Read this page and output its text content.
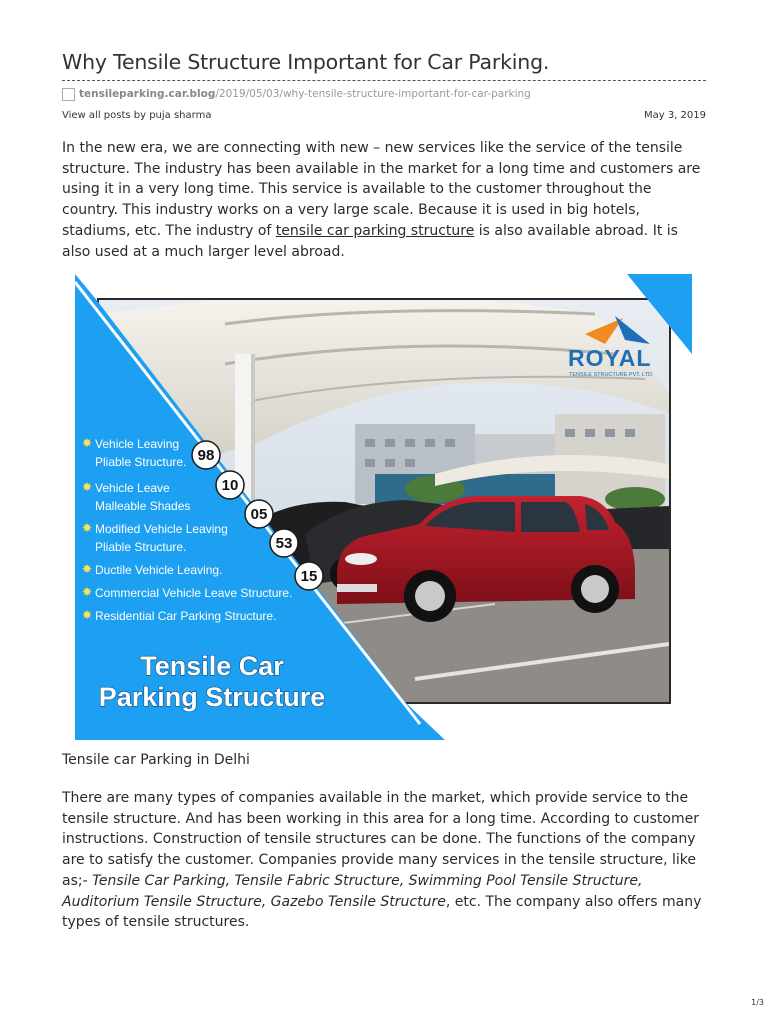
Why Tensile Structure Important for Car Parking.
tensileparking.car.blog /2019/05/03/why-tensile-structure-important-for-car-parking
View all posts by puja sharma	May 3, 2019

In the new era, we are connecting with new – new services like the service of the tensile structure. The industry has been available in the market for a long time and customers are using it in a very long time. This service is available to the customer throughout the country. This industry works on a very large scale. Because it is used in big hotels, stadiums, etc. The industry of tensile car parking structure is also available abroad. It is also used at a much larger level abroad.

ROYAL
TENSILE STRUCTURE PVT. LTD.
✸ Vehicle Leaving
Pliable Structure.
✸ Vehicle Leave
Malleable Shades
✸ Modified Vehicle Leaving
Pliable Structure.
✸ Ductile Vehicle Leaving.
✸ Commercial Vehicle Leave Structure.
✸ Residential Car Parking Structure.
98
10
05
53
15
Tensile Car
Parking Structure
Tensile car Parking in Delhi

There are many types of companies available in the market, which provide service to the tensile structure. And has been working in this area for a long time. According to customer instructions. Construction of tensile structures can be done. The functions of the company are to satisfy the customer. Companies provide many services in the tensile structure, like as;- Tensile Car Parking, Tensile Fabric Structure, Swimming Pool Tensile Structure, Auditorium Tensile Structure, Gazebo Tensile Structure, etc. The company also offers many types of tensile structures.

1/3
